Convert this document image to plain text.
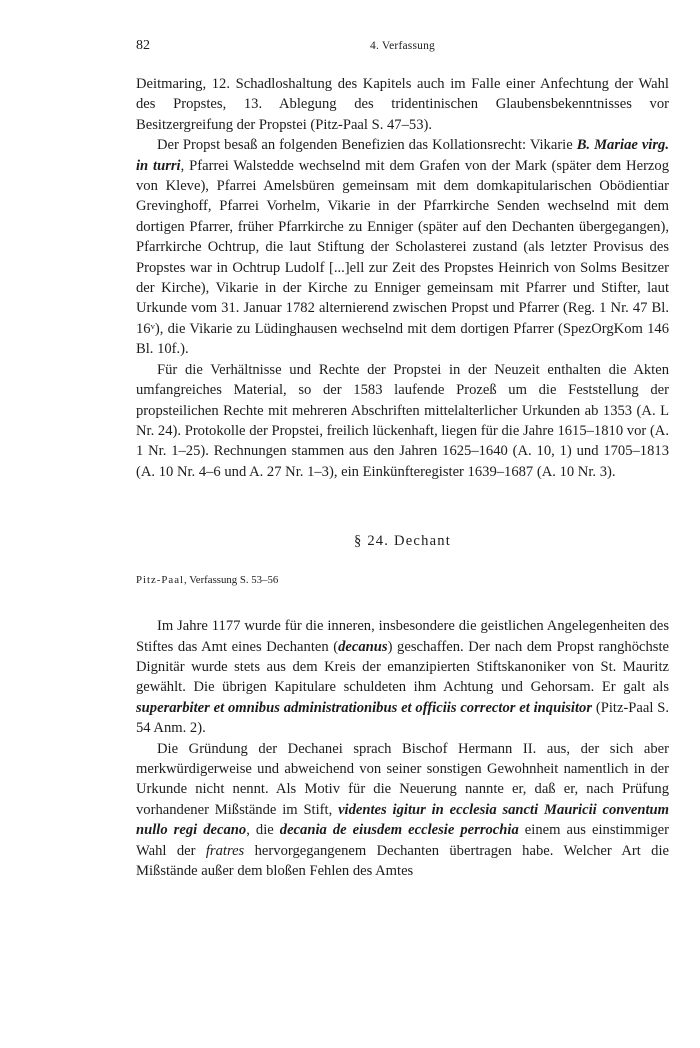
82	4. Verfassung

Deitmaring, 12. Schadloshaltung des Kapitels auch im Falle einer Anfechtung der Wahl des Propstes, 13. Ablegung des tridentinischen Glaubensbekenntnisses vor Besitzergreifung der Propstei (Pitz-Paal S. 47–53).

Der Propst besaß an folgenden Benefizien das Kollationsrecht: Vikarie B. Mariae virg. in turri, Pfarrei Walstedde wechselnd mit dem Grafen von der Mark (später dem Herzog von Kleve), Pfarrei Amelsbüren gemeinsam mit dem domkapitularischen Obödientiar Grevinghoff, Pfarrei Vorhelm, Vikarie in der Pfarrkirche Senden wechselnd mit dem dortigen Pfarrer, früher Pfarrkirche zu Enniger (später auf den Dechanten übergegangen), Pfarrkirche Ochtrup, die laut Stiftung der Scholasterei zustand (als letzter Provisus des Propstes war in Ochtrup Ludolf [...]ell zur Zeit des Propstes Heinrich von Solms Besitzer der Kirche), Vikarie in der Kirche zu Enniger gemeinsam mit Pfarrer und Stifter, laut Urkunde vom 31. Januar 1782 alternierend zwischen Propst und Pfarrer (Reg. 1 Nr. 47 Bl. 16ᵛ), die Vikarie zu Lüdinghausen wechselnd mit dem dortigen Pfarrer (SpezOrgKom 146 Bl. 10f.).

Für die Verhältnisse und Rechte der Propstei in der Neuzeit enthalten die Akten umfangreiches Material, so der 1583 laufende Prozeß um die Feststellung der propsteilichen Rechte mit mehreren Abschriften mittelalterlicher Urkunden ab 1353 (A. L Nr. 24). Protokolle der Propstei, freilich lückenhaft, liegen für die Jahre 1615–1810 vor (A. 1 Nr. 1–25). Rechnungen stammen aus den Jahren 1625–1640 (A. 10, 1) und 1705–1813 (A. 10 Nr. 4–6 und A. 27 Nr. 1–3), ein Einkünfteregister 1639–1687 (A. 10 Nr. 3).

§ 24. Dechant
Pitz-Paal, Verfassung S. 53–56

Im Jahre 1177 wurde für die inneren, insbesondere die geistlichen Angelegenheiten des Stiftes das Amt eines Dechanten (decanus) geschaffen. Der nach dem Propst ranghöchste Dignitär wurde stets aus dem Kreis der emanzipierten Stiftskanoniker von St. Mauritz gewählt. Die übrigen Kapitulare schuldeten ihm Achtung und Gehorsam. Er galt als superarbiter et omnibus administrationibus et officiis corrector et inquisitor (Pitz-Paal S. 54 Anm. 2).

Die Gründung der Dechanei sprach Bischof Hermann II. aus, der sich aber merkwürdigerweise und abweichend von seiner sonstigen Gewohnheit namentlich in der Urkunde nicht nennt. Als Motiv für die Neuerung nannte er, daß er, nach Prüfung vorhandener Mißstände im Stift, videntes igitur in ecclesia sancti Mauricii conventum nullo regi decano, die decania de eiusdem ecclesie perrochia einem aus einstimmiger Wahl der fratres hervorgegangenem Dechanten übertragen habe. Welcher Art die Mißstände außer dem bloßen Fehlen des Amtes
